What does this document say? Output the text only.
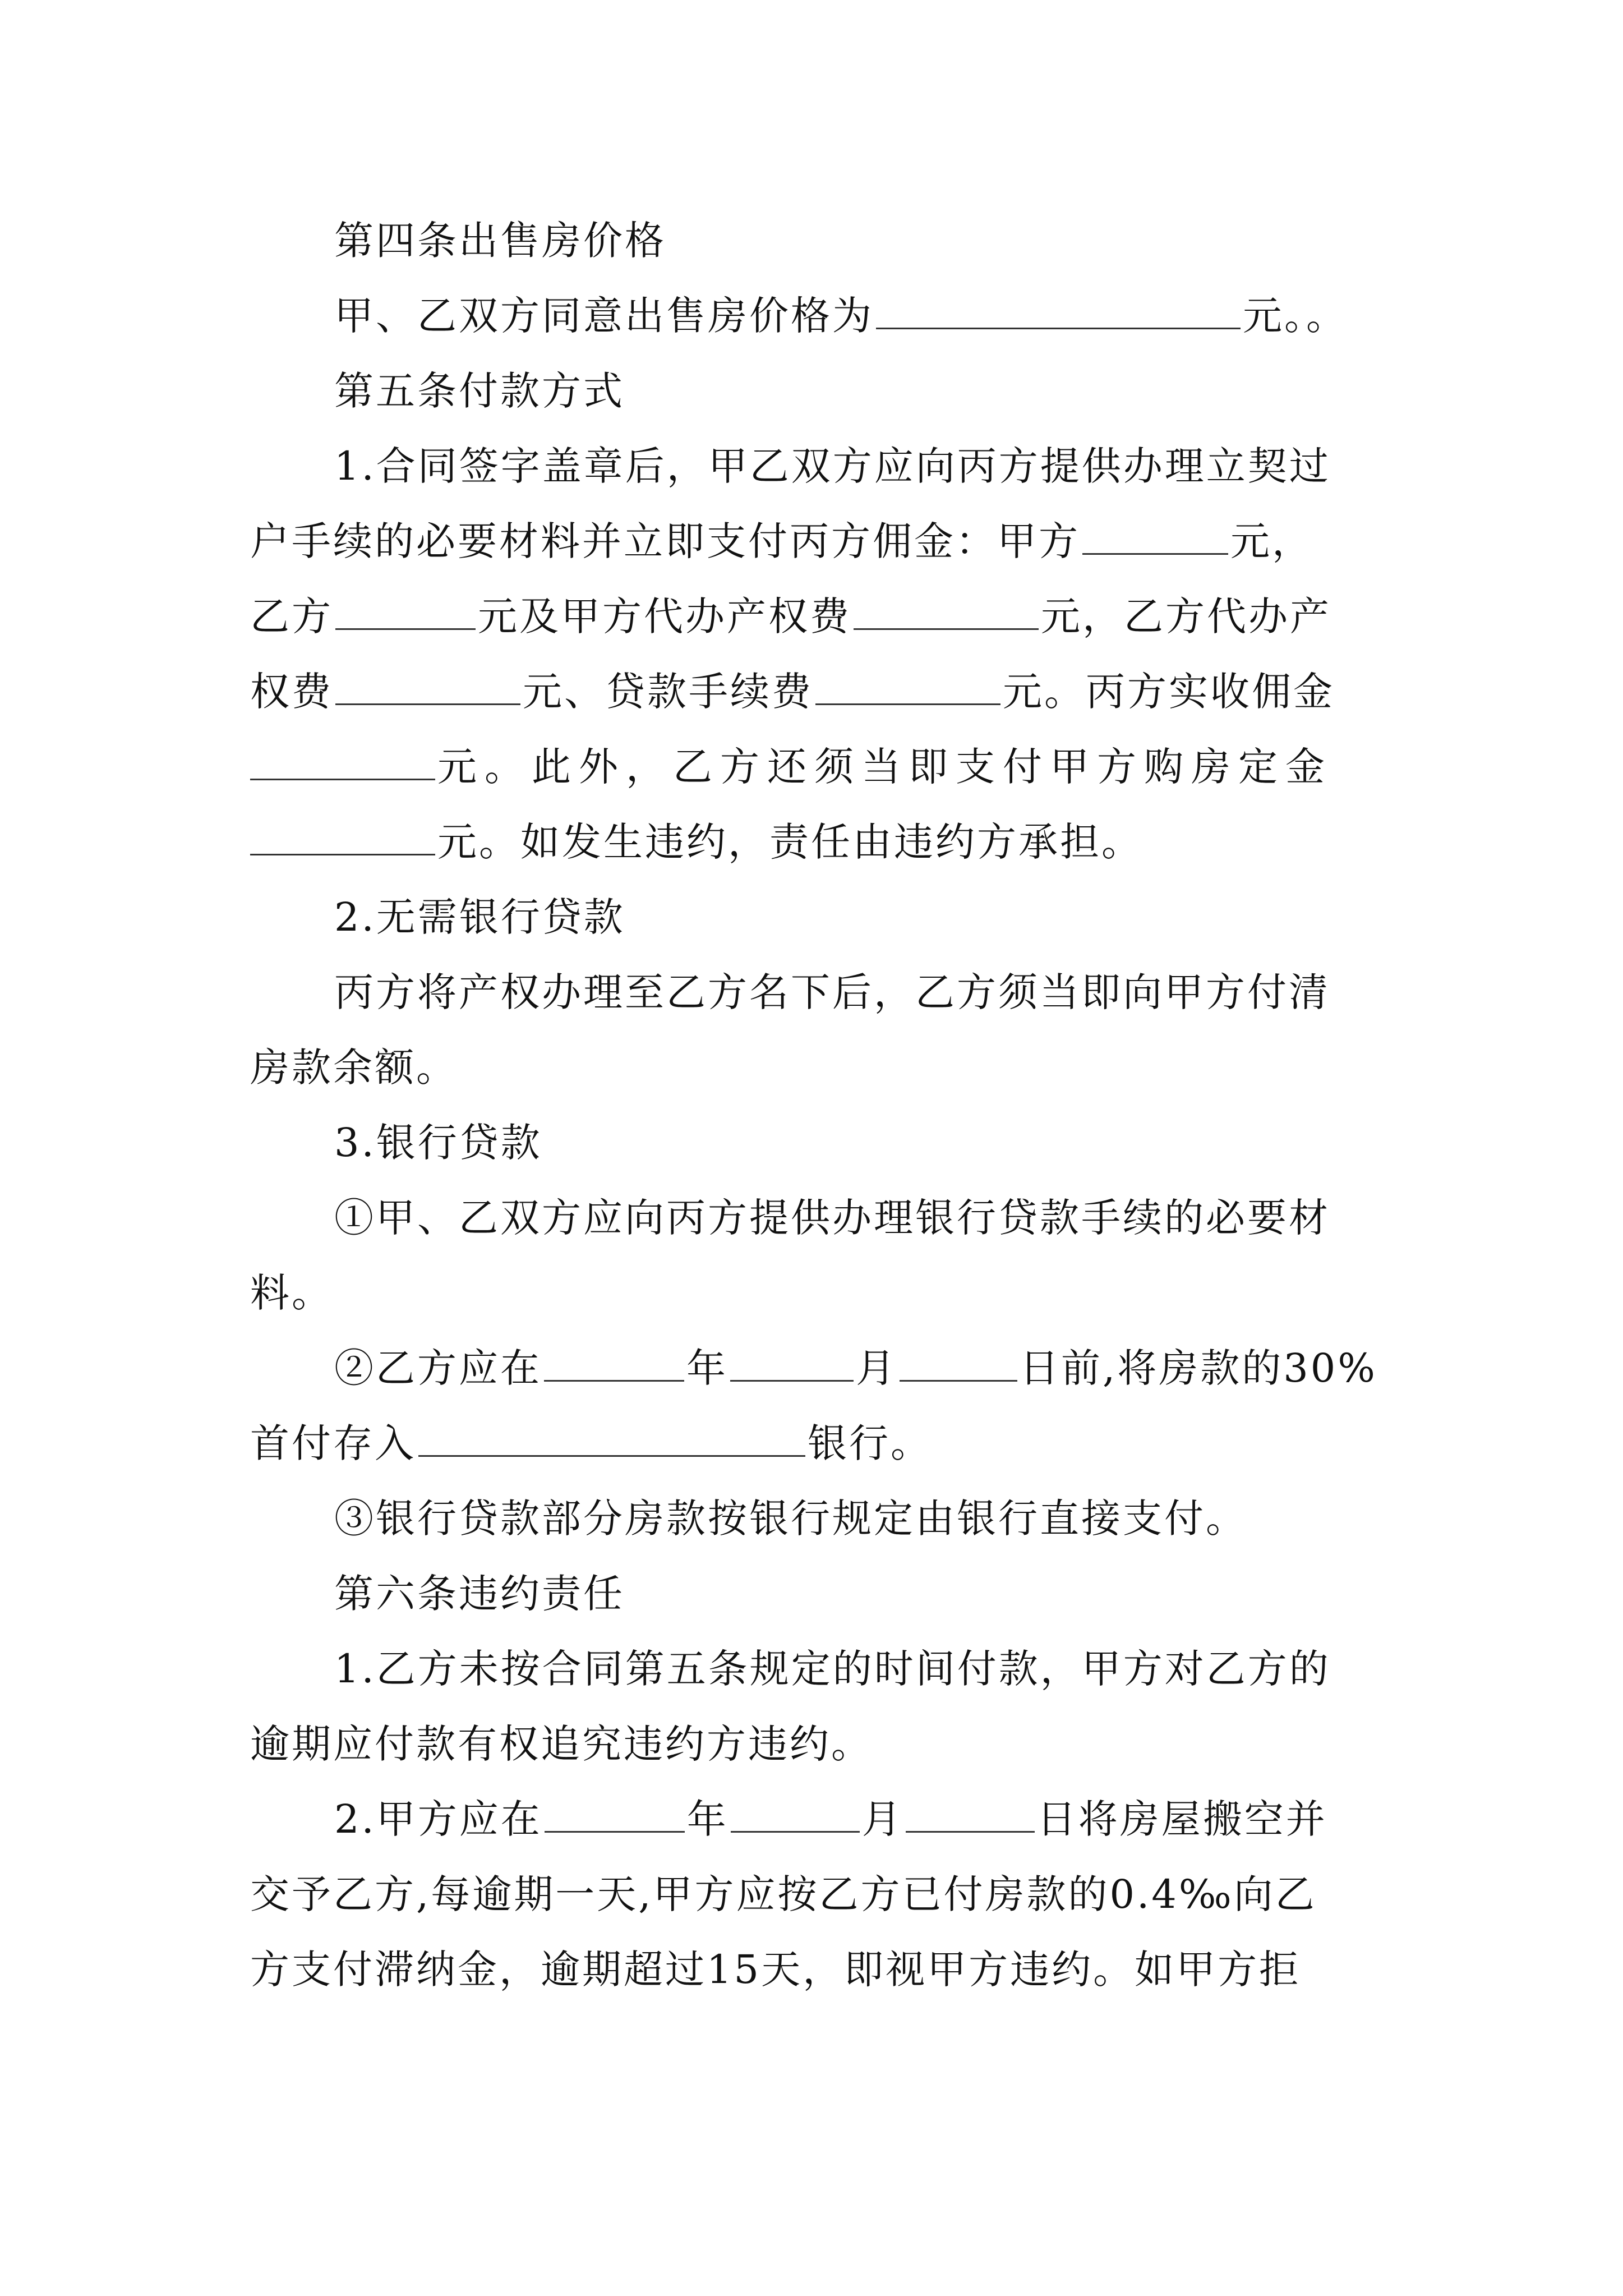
第四条出售房价格
甲、乙双方同意出售房价格为	元。。
第五条付款方式
1.合同签字盖章后，甲乙双方应向丙方提供办理立契过
户手续的必要材料并立即支付丙方佣金：甲方	元，
乙方	元及甲方代办产权费	元，乙方代办产
权费	元、贷款手续费	元。丙方实收佣金
元。此外，乙方还须当即支付甲方购房定金
元。如发生违约，责任由违约方承担。
2.无需银行贷款
丙方将产权办理至乙方名下后，乙方须当即向甲方付清
房款余额。
3.银行贷款
①甲、乙双方应向丙方提供办理银行贷款手续的必要材
料。
②乙方应在	年	月	日前,将房款的30%
首付存入	银行。
③银行贷款部分房款按银行规定由银行直接支付。
第六条违约责任
1.乙方未按合同第五条规定的时间付款，甲方对乙方的
逾期应付款有权追究违约方违约。
2.甲方应在	年	月	日将房屋搬空并
交予乙方,每逾期一天,甲方应按乙方已付房款的0.4‰向乙
方支付滞纳金，逾期超过15天，即视甲方违约。如甲方拒
